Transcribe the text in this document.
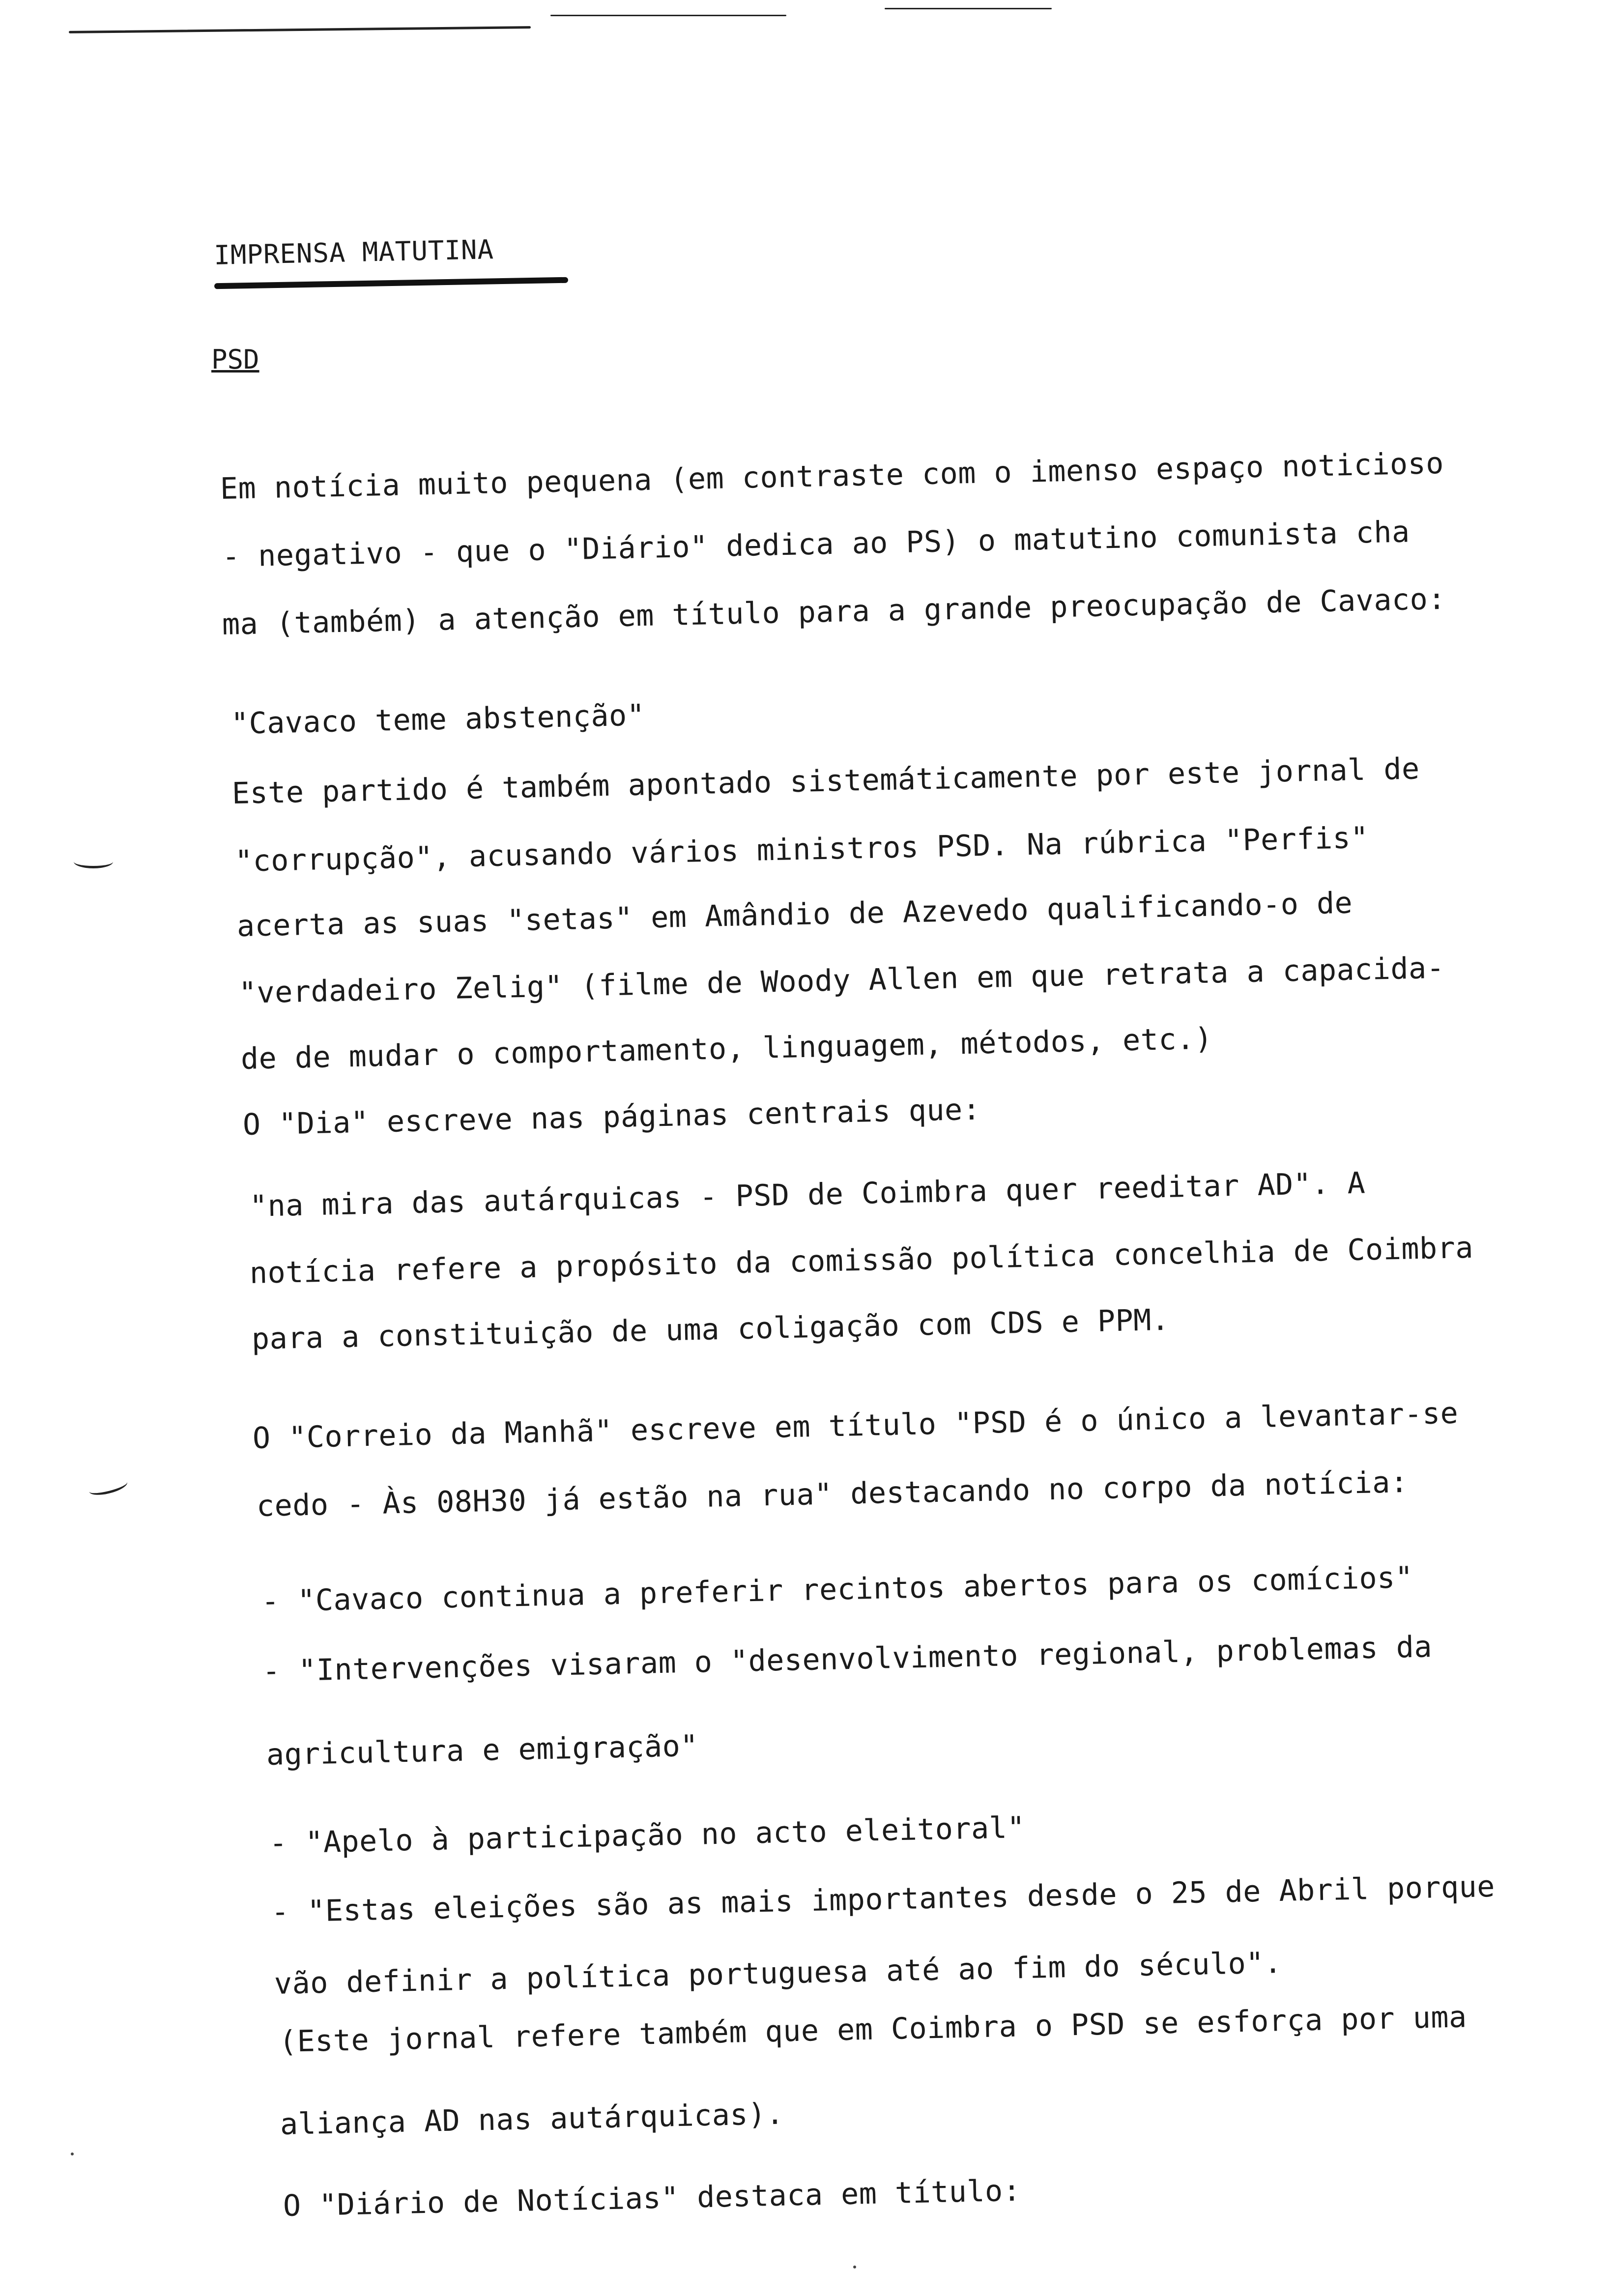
IMPRENSA MATUTINA
PSD
Em notícia muito pequena (em contraste com o imenso espaço noticioso
- negativo - que o "Diário" dedica ao PS) o matutino comunista cha
ma (também) a atenção em título para a grande preocupação de Cavaco:
"Cavaco teme abstenção"
Este partido é também apontado sistemáticamente por este jornal de
"corrupção", acusando vários ministros PSD. Na rúbrica "Perfis"
acerta as suas "setas" em Amândio de Azevedo qualificando-o de
"verdadeiro Zelig" (filme de Woody Allen em que retrata a capacida-
de de mudar o comportamento, linguagem, métodos, etc.)
O "Dia" escreve nas páginas centrais que:
"na mira das autárquicas - PSD de Coimbra quer reeditar AD". A
notícia refere a propósito da comissão política concelhia de Coimbra
para a constituição de uma coligação com CDS e PPM.
O "Correio da Manhã" escreve em título "PSD é o único a levantar-se
cedo - Às 08H30 já estão na rua" destacando no corpo da notícia:
- "Cavaco continua a preferir recintos abertos para os comícios"
- "Intervenções visaram o "desenvolvimento regional, problemas da
agricultura e emigração"
- "Apelo à participação no acto eleitoral"
- "Estas eleições são as mais importantes desde o 25 de Abril porque
vão definir a política portuguesa até ao fim do século".
(Este jornal refere também que em Coimbra o PSD se esforça por uma
aliança AD nas autárquicas).
O "Diário de Notícias" destaca em título:
